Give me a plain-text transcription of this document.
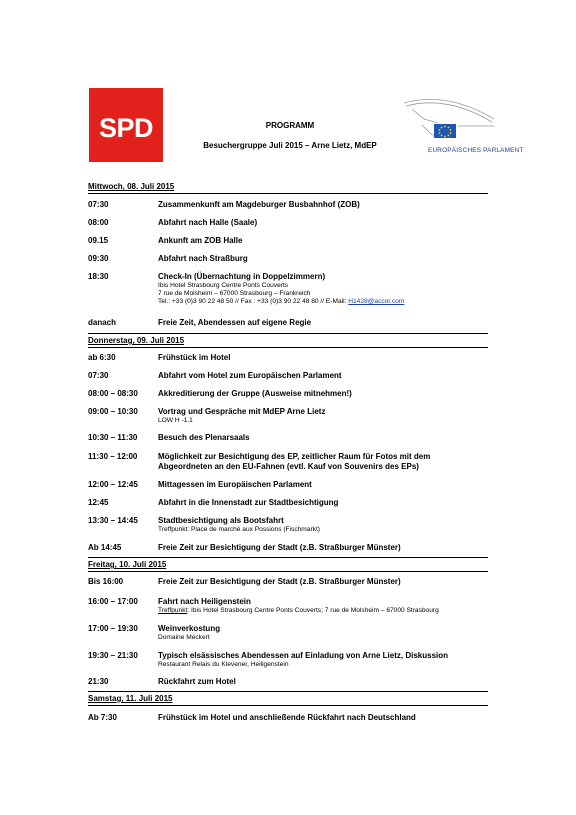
SPD	PROGRAMM
Besuchergruppe Juli 2015 – Arne Lietz, MdEP
EUROPÄISCHES PARLAMENT
Mittwoch, 08. Juli 2015
07:30	Zusammenkunft am Magdeburger Busbahnhof (ZOB)
08:00	Abfahrt nach Halle (Saale)
09.15	Ankunft am ZOB Halle
09:30	Abfahrt nach Straßburg
18:30	Check-In (Übernachtung in Doppelzimmern)
Ibis Hotel Strasbourg Centre Ponts Couverts
7 rue de Molsheim – 67000 Strasbourg – Frankreich
Tel.: +33 (0)3 90 22 48 50 // Fax : +33 (0)3 90 22 48 80 // E-Mail: H1428@accor.com
danach	Freie Zeit, Abendessen auf eigene Regie
Donnerstag, 09. Juli 2015
ab 6:30	Frühstück im Hotel
07:30	Abfahrt vom Hotel zum Europäischen Parlament
08:00 – 08:30	Akkreditierung der Gruppe (Ausweise mitnehmen!)
09:00 – 10:30	Vortrag und Gespräche mit MdEP Arne Lietz
LOW H -1.1
10:30 – 11:30	Besuch des Plenarsaals
11:30 – 12:00	Möglichkeit zur Besichtigung des EP, zeitlicher Raum für Fotos mit dem
Abgeordneten an den EU-Fahnen (evtl. Kauf von Souvenirs des EPs)
12:00 – 12:45	Mittagessen im Europäischen Parlament
12:45	Abfahrt in die Innenstadt zur Stadtbesichtigung
13:30 – 14:45	Stadtbesichtigung als Bootsfahrt
Treffpunkt: Place de marché aux Possions (Fischmarkt)
Ab 14:45	Freie Zeit zur Besichtigung der Stadt (z.B. Straßburger Münster)
Freitag, 10. Juli 2015
Bis 16:00	Freie Zeit zur Besichtigung der Stadt (z.B. Straßburger Münster)
16:00 – 17:00	Fahrt nach Heiligenstein
Treffpunkt: Ibis Hotel Strasbourg Centre Ponts Couverts; 7 rue de Molsheim – 67000 Strasbourg
17:00 – 19:30	Weinverkostung
Domaine Meckert
19:30 – 21:30	Typisch elsässisches Abendessen auf Einladung von Arne Lietz, Diskussion
Restaurant Relais du Klevener, Heiligenstein
21:30	Rückfahrt zum Hotel
Samstag, 11. Juli 2015
Ab 7:30	Frühstück im Hotel und anschließende Rückfahrt nach Deutschland
